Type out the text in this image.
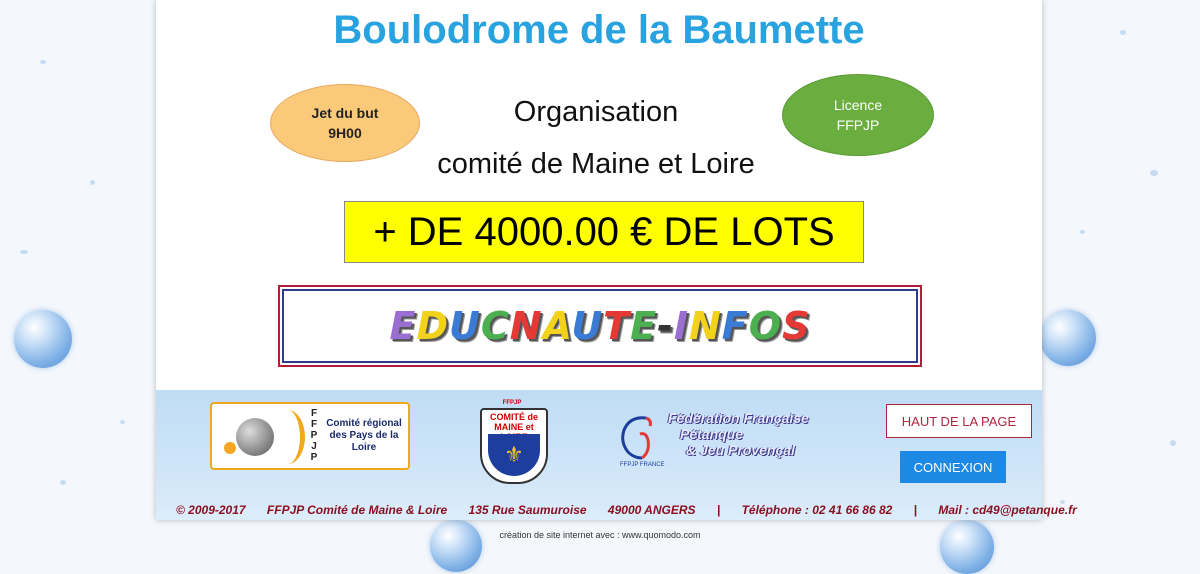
Boulodrome de la Baumette
Jet du but
9H00
Organisation
comité de Maine et Loire
Licence
FFPJP
+ DE 4000.00 € DE LOTS
EDUCNAUTE-INFOS
F
F
P
J
P
Comité régional des Pays de la Loire
FFPJP
COMITÉ de MAINE et
⚜	FFPJP FRANCE
Fédération Française
Pétanque
& Jeu Provençal
HAUT DE LA PAGE
CONNEXION
© 2009-2017 FFPJP Comité de Maine & Loire 135 Rue Saumuroise 49000 ANGERS | Téléphone : 02 41 66 86 82 | Mail : cd49@petanque.fr
création de site internet avec : www.quomodo.com
